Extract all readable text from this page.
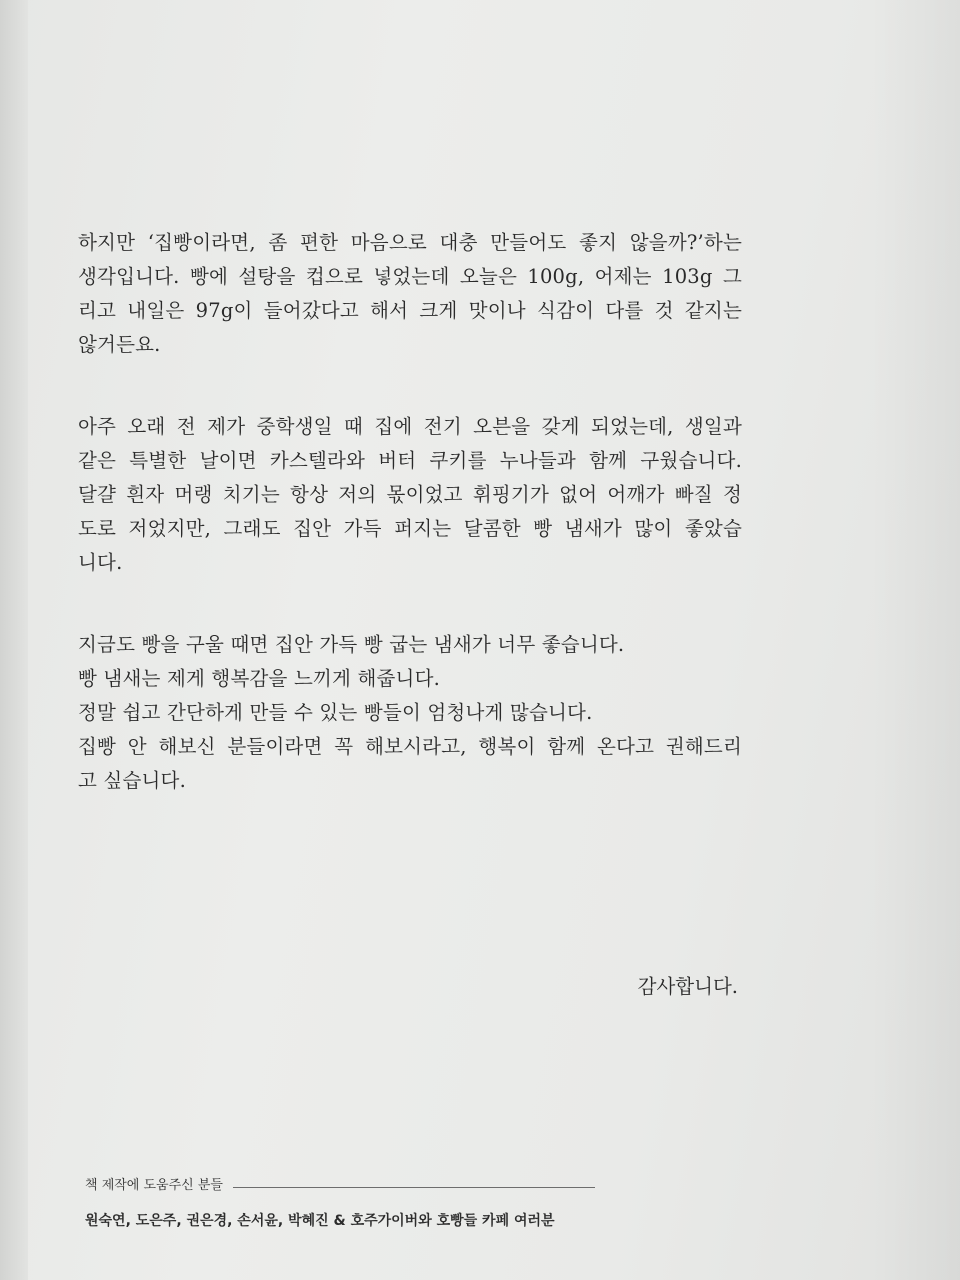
하지만 ‘집빵이라면, 좀 편한 마음으로 대충 만들어도 좋지 않을까?’하는
생각입니다. 빵에 설탕을 컵으로 넣었는데 오늘은 100g, 어제는 103g 그
리고 내일은 97g이 들어갔다고 해서 크게 맛이나 식감이 다를 것 같지는
않거든요.

아주 오래 전 제가 중학생일 때 집에 전기 오븐을 갖게 되었는데, 생일과
같은 특별한 날이면 카스텔라와 버터 쿠키를 누나들과 함께 구웠습니다.
달걀 흰자 머랭 치기는 항상 저의 몫이었고 휘핑기가 없어 어깨가 빠질 정
도로 저었지만, 그래도 집안 가득 퍼지는 달콤한 빵 냄새가 많이 좋았습
니다.

지금도 빵을 구울 때면 집안 가득 빵 굽는 냄새가 너무 좋습니다.
빵 냄새는 제게 행복감을 느끼게 해줍니다.
정말 쉽고 간단하게 만들 수 있는 빵들이 엄청나게 많습니다.
집빵 안 해보신 분들이라면 꼭 해보시라고, 행복이 함께 온다고 권해드리
고 싶습니다.

감사합니다.
책 제작에 도움주신 분들
원숙연, 도은주, 권은경, 손서윤, 박혜진 & 호주가이버와 호빵들 카페 여러분
